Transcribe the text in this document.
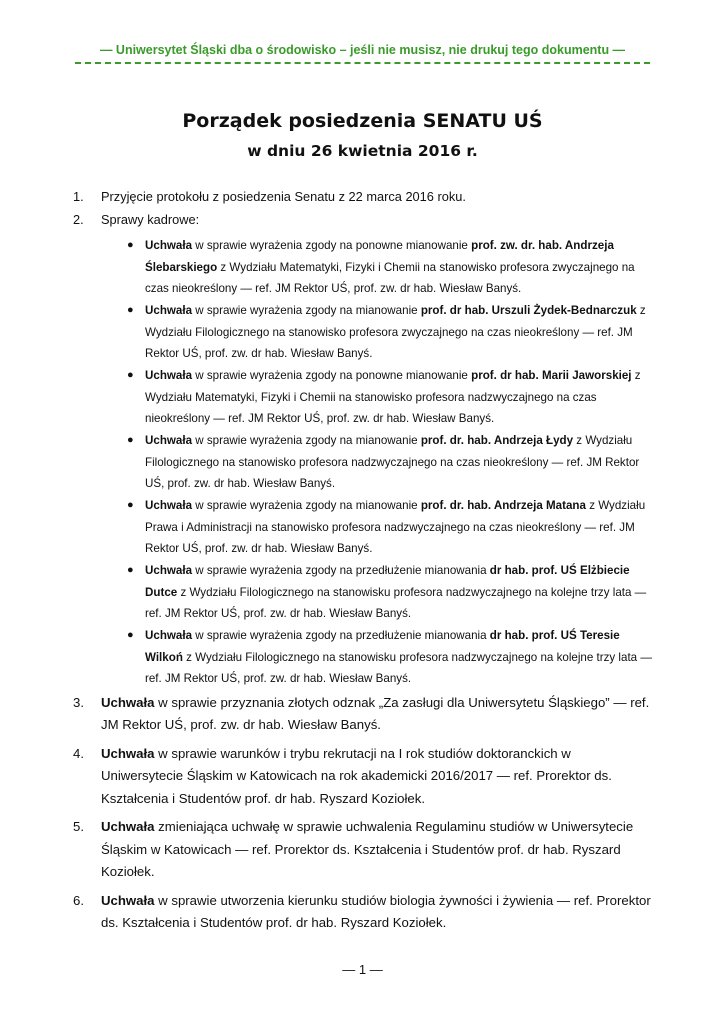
— Uniwersytet Śląski dba o środowisko – jeśli nie musisz, nie drukuj tego dokumentu —
Porządek posiedzenia SENATU UŚ
w dniu 26 kwietnia 2016 r.
1. Przyjęcie protokołu z posiedzenia Senatu z 22 marca 2016 roku.
2. Sprawy kadrowe:
● Uchwała w sprawie wyrażenia zgody na ponowne mianowanie prof. zw. dr. hab. Andrzeja Ślebarskiego z Wydziału Matematyki, Fizyki i Chemii na stanowisko profesora zwyczajnego na czas nieokreślony — ref. JM Rektor UŚ, prof. zw. dr hab. Wiesław Banyś.
● Uchwała w sprawie wyrażenia zgody na mianowanie prof. dr hab. Urszuli Żydek-Bednarczuk z Wydziału Filologicznego na stanowisko profesora zwyczajnego na czas nieokreślony — ref. JM Rektor UŚ, prof. zw. dr hab. Wiesław Banyś.
● Uchwała w sprawie wyrażenia zgody na ponowne mianowanie prof. dr hab. Marii Jaworskiej z Wydziału Matematyki, Fizyki i Chemii na stanowisko profesora nadzwyczajnego na czas nieokreślony — ref. JM Rektor UŚ, prof. zw. dr hab. Wiesław Banyś.
● Uchwała w sprawie wyrażenia zgody na mianowanie prof. dr. hab. Andrzeja Łydy z Wydziału Filologicznego na stanowisko profesora nadzwyczajnego na czas nieokreślony — ref. JM Rektor UŚ, prof. zw. dr hab. Wiesław Banyś.
● Uchwała w sprawie wyrażenia zgody na mianowanie prof. dr. hab. Andrzeja Matana z Wydziału Prawa i Administracji na stanowisko profesora nadzwyczajnego na czas nieokreślony — ref. JM Rektor UŚ, prof. zw. dr hab. Wiesław Banyś.
● Uchwała w sprawie wyrażenia zgody na przedłużenie mianowania dr hab. prof. UŚ Elżbiecie Dutce z Wydziału Filologicznego na stanowisku profesora nadzwyczajnego na kolejne trzy lata — ref. JM Rektor UŚ, prof. zw. dr hab. Wiesław Banyś.
● Uchwała w sprawie wyrażenia zgody na przedłużenie mianowania dr hab. prof. UŚ Teresie Wilkoń z Wydziału Filologicznego na stanowisku profesora nadzwyczajnego na kolejne trzy lata — ref. JM Rektor UŚ, prof. zw. dr hab. Wiesław Banyś.
3. Uchwała w sprawie przyznania złotych odznak „Za zasługi dla Uniwersytetu Śląskiego” — ref. JM Rektor UŚ, prof. zw. dr hab. Wiesław Banyś.
4. Uchwała w sprawie warunków i trybu rekrutacji na I rok studiów doktoranckich w Uniwersytecie Śląskim w Katowicach na rok akademicki 2016/2017 — ref. Prorektor ds. Kształcenia i Studentów prof. dr hab. Ryszard Koziołek.
5. Uchwała zmieniająca uchwałę w sprawie uchwalenia Regulaminu studiów w Uniwersytecie Śląskim w Katowicach — ref. Prorektor ds. Kształcenia i Studentów prof. dr hab. Ryszard Koziołek.
6. Uchwała w sprawie utworzenia kierunku studiów biologia żywności i żywienia — ref. Prorektor ds. Kształcenia i Studentów prof. dr hab. Ryszard Koziołek.
— 1 —
